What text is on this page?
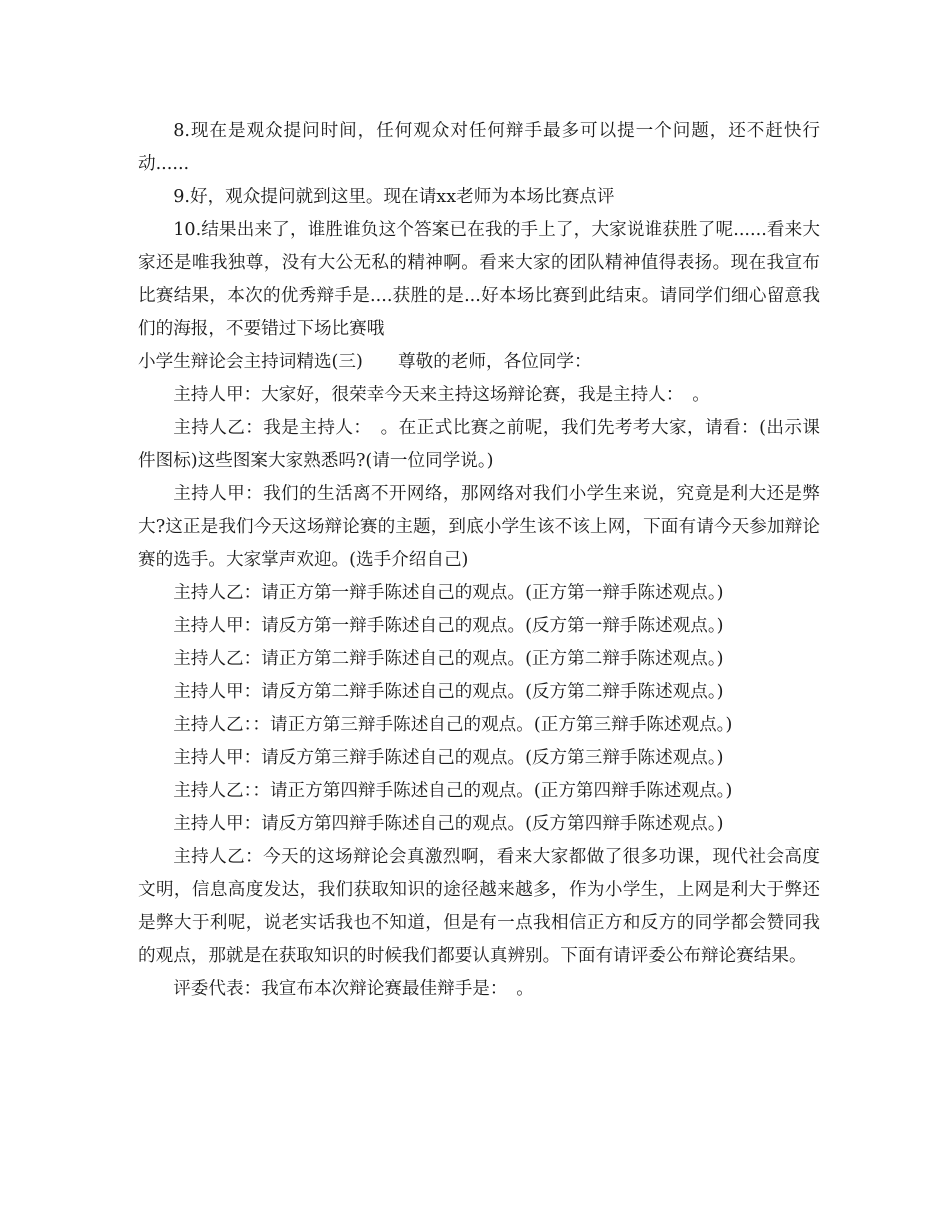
8.现在是观众提问时间，任何观众对任何辩手最多可以提一个问题，还不赶快行动......

9.好，观众提问就到这里。现在请xx老师为本场比赛点评

10.结果出来了，谁胜谁负这个答案已在我的手上了，大家说谁获胜了呢......看来大家还是唯我独尊，没有大公无私的精神啊。看来大家的团队精神值得表扬。现在我宣布比赛结果，本次的优秀辩手是....获胜的是...好本场比赛到此结束。请同学们细心留意我们的海报，不要错过下场比赛哦

小学生辩论会主持词精选(三)　　尊敬的老师，各位同学：

主持人甲：大家好，很荣幸今天来主持这场辩论赛，我是主持人：　。

主持人乙：我是主持人：　。在正式比赛之前呢，我们先考考大家，请看：(出示课件图标)这些图案大家熟悉吗?(请一位同学说。)

主持人甲：我们的生活离不开网络，那网络对我们小学生来说，究竟是利大还是弊大?这正是我们今天这场辩论赛的主题，到底小学生该不该上网，下面有请今天参加辩论赛的选手。大家掌声欢迎。(选手介绍自己)

主持人乙：请正方第一辩手陈述自己的观点。(正方第一辩手陈述观点。)

主持人甲：请反方第一辩手陈述自己的观点。(反方第一辩手陈述观点。)

主持人乙：请正方第二辩手陈述自己的观点。(正方第二辩手陈述观点。)

主持人甲：请反方第二辩手陈述自己的观点。(反方第二辩手陈述观点。)

主持人乙：：请正方第三辩手陈述自己的观点。(正方第三辩手陈述观点。)

主持人甲：请反方第三辩手陈述自己的观点。(反方第三辩手陈述观点。)

主持人乙：：请正方第四辩手陈述自己的观点。(正方第四辩手陈述观点。)

主持人甲：请反方第四辩手陈述自己的观点。(反方第四辩手陈述观点。)

主持人乙：今天的这场辩论会真激烈啊，看来大家都做了很多功课，现代社会高度文明，信息高度发达，我们获取知识的途径越来越多，作为小学生，上网是利大于弊还是弊大于利呢，说老实话我也不知道，但是有一点我相信正方和反方的同学都会赞同我的观点，那就是在获取知识的时候我们都要认真辨别。下面有请评委公布辩论赛结果。

评委代表：我宣布本次辩论赛最佳辩手是：　。
